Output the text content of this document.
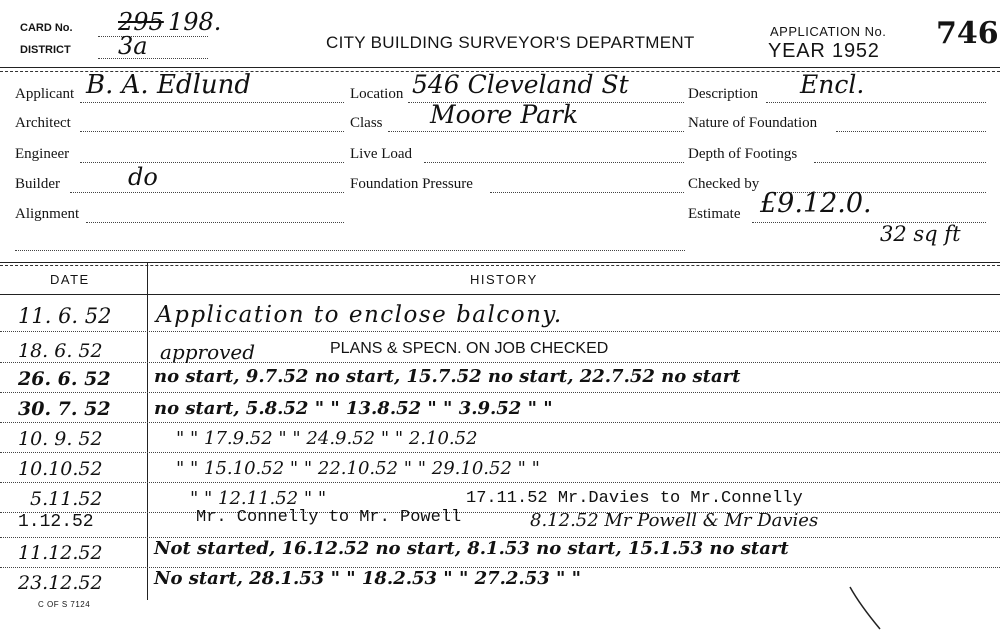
CARD No. 295 198.
DISTRICT 3a	CITY BUILDING SURVEYOR'S DEPARTMENT
APPLICATION No. 746
YEAR 1952
Applicant B. A. Edlund
Architect
Engineer
Builder	do
Alignment
Location 546 Cleveland St
Class Moore Park
Live Load
Foundation Pressure
Description Encl.
Nature of Foundation
Depth of Footings
Checked by
Estimate £9.12.0.
32 sq ft
DATE	HISTORY
11. 6. 52 Application to enclose balcony.
18. 6. 52	approved	PLANS & SPECN. ON JOB CHECKED
26. 6. 52 no start, 9.7.52 no start, 15.7.52 no start, 22.7.52 no start
30. 7. 52 no start, 5.8.52 " " 13.8.52 " " 3.9.52 " "
10. 9. 52	" " 17.9.52 " " 24.9.52 " " 2.10.52
10.10.52	" " 15.10.52 " " 22.10.52 " " 29.10.52 " "
5.11.52	" " 12.11.52 " "	17.11.52 Mr.Davies to Mr.Connelly
1.12.52	Mr. Connelly to Mr. Powell	8.12.52 Mr Powell & Mr Davies
11.12.52	Not started, 16.12.52 no start, 8.1.53 no start, 15.1.53 no start
23.12.52	No start, 28.1.53 " " 18.2.53 " " 27.2.53 " "
C OF S 7124
